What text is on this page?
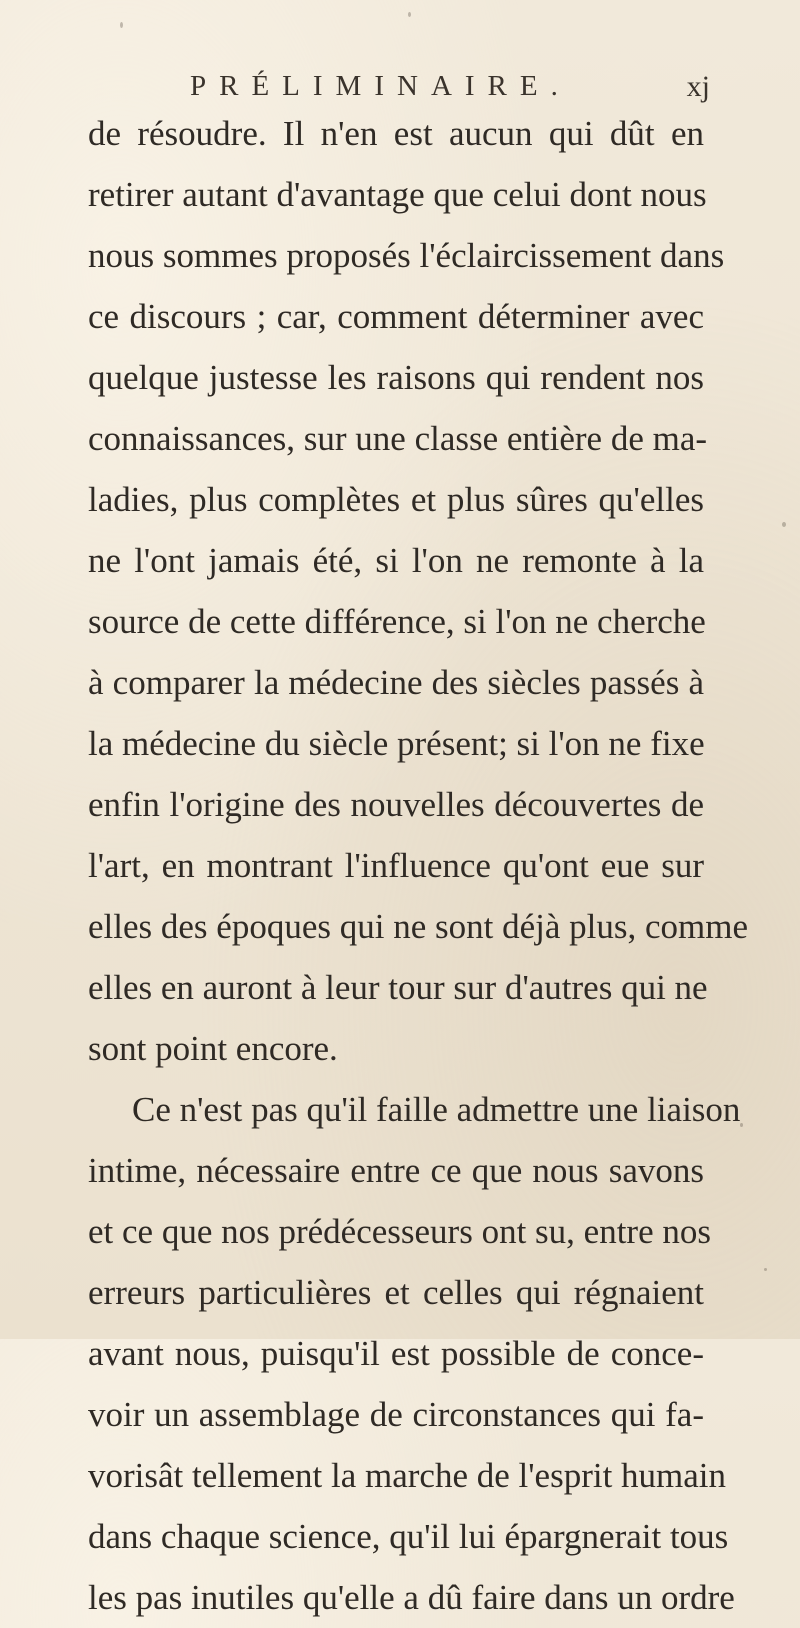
PRÉLIMINAIRE.	xj
de résoudre. Il n'en est aucun qui dût en
retirer autant d'avantage que celui dont nous
nous sommes proposés l'éclaircissement dans
ce discours ; car, comment déterminer avec
quelque justesse les raisons qui rendent nos
connaissances, sur une classe entière de ma-
ladies, plus complètes et plus sûres qu'elles
ne l'ont jamais été, si l'on ne remonte à la
source de cette différence, si l'on ne cherche
à comparer la médecine des siècles passés à
la médecine du siècle présent; si l'on ne fixe
enfin l'origine des nouvelles découvertes de
l'art, en montrant l'influence qu'ont eue sur
elles des époques qui ne sont déjà plus, comme
elles en auront à leur tour sur d'autres qui ne
sont point encore.
Ce n'est pas qu'il faille admettre une liaison
intime, nécessaire entre ce que nous savons
et ce que nos prédécesseurs ont su, entre nos
erreurs particulières et celles qui régnaient
avant nous, puisqu'il est possible de conce-
voir un assemblage de circonstances qui fa-
vorisât tellement la marche de l'esprit humain
dans chaque science, qu'il lui épargnerait tous
les pas inutiles qu'elle a dû faire dans un ordre
